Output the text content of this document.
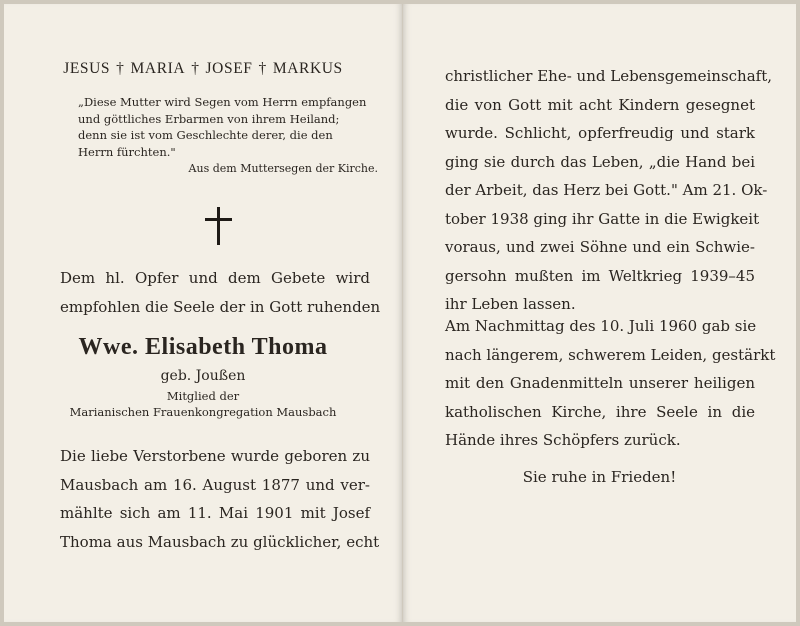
JESUS † MARIA † JOSEF † MARKUS

„Diese Mutter wird Segen vom Herrn empfangen

und göttliches Erbarmen von ihrem Heiland;

denn sie ist vom Geschlechte derer, die den

Herrn fürchten."

Aus dem Muttersegen der Kirche.

Dem hl. Opfer und dem Gebete wird
empfohlen die Seele der in Gott ruhenden
Wwe. Elisabeth Thoma
geb. Joußen
Mitglied der
Marianischen Frauenkongregation Mausbach
Die liebe Verstorbene wurde geboren zu
Mausbach am 16. August 1877 und ver-
mählte sich am 11. Mai 1901 mit Josef
Thoma aus Mausbach zu glücklicher, echt
christlicher Ehe- und Lebensgemeinschaft,
die von Gott mit acht Kindern gesegnet
wurde. Schlicht, opferfreudig und stark
ging sie durch das Leben, „die Hand bei
der Arbeit, das Herz bei Gott." Am 21. Ok-
tober 1938 ging ihr Gatte in die Ewigkeit
voraus, und zwei Söhne und ein Schwie-
gersohn mußten im Weltkrieg 1939–45
ihr Leben lassen.
Am Nachmittag des 10. Juli 1960 gab sie
nach längerem, schwerem Leiden, gestärkt
mit den Gnadenmitteln unserer heiligen
katholischen Kirche, ihre Seele in die
Hände ihres Schöpfers zurück.
Sie ruhe in Frieden!
